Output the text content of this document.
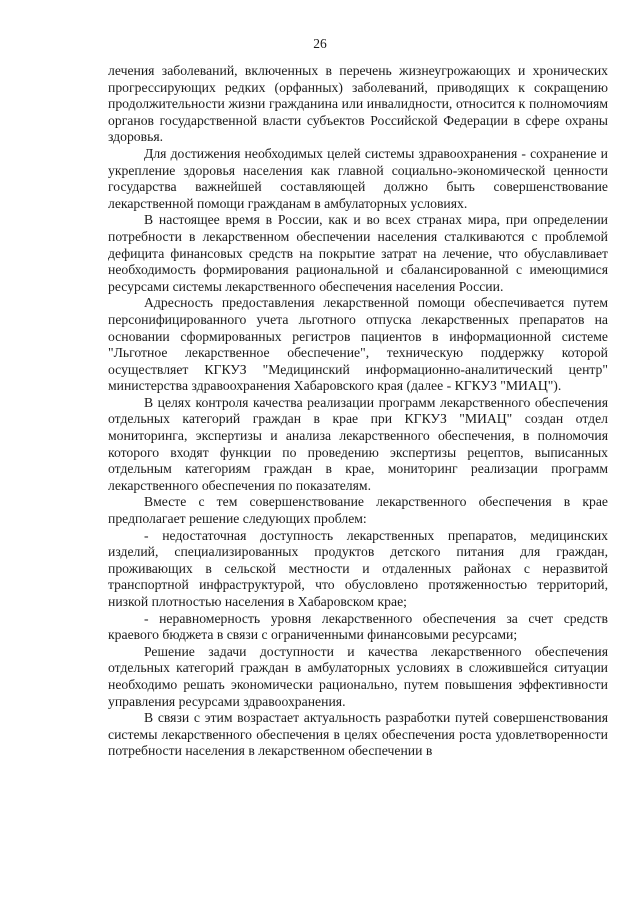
26

лечения заболеваний, включенных в перечень жизнеугрожающих и хронических прогрессирующих редких (орфанных) заболеваний, приводящих к сокращению продолжительности жизни гражданина или инвалидности, относится к полномочиям органов государственной власти субъектов Российской Федерации в сфере охраны здоровья.

Для достижения необходимых целей системы здравоохранения - сохранение и укрепление здоровья населения как главной социально-экономической ценности государства важнейшей составляющей должно быть совершенствование лекарственной помощи гражданам в амбулаторных условиях.

В настоящее время в России, как и во всех странах мира, при определении потребности в лекарственном обеспечении населения сталкиваются с проблемой дефицита финансовых средств на покрытие затрат на лечение, что обуславливает необходимость формирования рациональной и сбалансированной с имеющимися ресурсами системы лекарственного обеспечения населения России.

Адресность предоставления лекарственной помощи обеспечивается путем персонифицированного учета льготного отпуска лекарственных препаратов на основании сформированных регистров пациентов в информационной системе "Льготное лекарственное обеспечение", техническую поддержку которой осуществляет КГКУЗ "Медицинский информационно-аналитический центр" министерства здравоохранения Хабаровского края (далее - КГКУЗ "МИАЦ").

В целях контроля качества реализации программ лекарственного обеспечения отдельных категорий граждан в крае при КГКУЗ "МИАЦ" создан отдел мониторинга, экспертизы и анализа лекарственного обеспечения, в полномочия которого входят функции по проведению экспертизы рецептов, выписанных отдельным категориям граждан в крае, мониторинг реализации программ лекарственного обеспечения по показателям.

Вместе с тем совершенствование лекарственного обеспечения в крае предполагает решение следующих проблем:

- недостаточная доступность лекарственных препаратов, медицинских изделий, специализированных продуктов детского питания для граждан, проживающих в сельской местности и отдаленных районах с неразвитой транспортной инфраструктурой, что обусловлено протяженностью территорий, низкой плотностью населения в Хабаровском крае;

- неравномерность уровня лекарственного обеспечения за счет средств краевого бюджета в связи с ограниченными финансовыми ресурсами;

Решение задачи доступности и качества лекарственного обеспечения отдельных категорий граждан в амбулаторных условиях в сложившейся ситуации необходимо решать экономически рационально, путем повышения эффективности управления ресурсами здравоохранения.

В связи с этим возрастает актуальность разработки путей совершенствования системы лекарственного обеспечения в целях обеспечения роста удовлетворенности потребности населения в лекарственном обеспечении в
